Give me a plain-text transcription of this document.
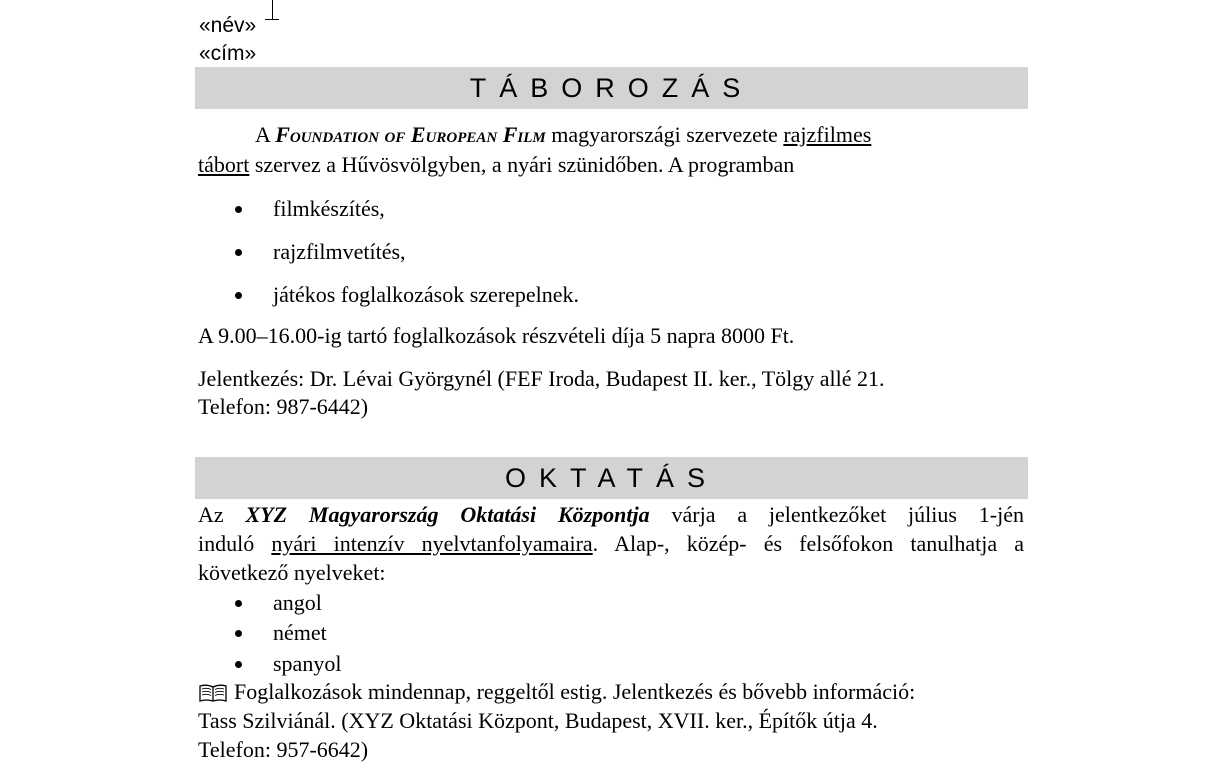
«név»
«cím»
TÁBOROZÁS
A Foundation of European Film magyarországi szervezete rajzfilmes
tábort szervez a Hűvösvölgyben, a nyári szünidőben. A programban
filmkészítés,
rajzfilmvetítés,
játékos foglalkozások szerepelnek.
A 9.00–16.00-ig tartó foglalkozások részvételi díja 5 napra 8000 Ft.
Jelentkezés: Dr. Lévai Györgynél (FEF Iroda, Budapest II. ker., Tölgy allé 21.
Telefon: 987-6442)
OKTATÁS
Az XYZ Magyarország Oktatási Központja várja a jelentkezőket július 1-jén
induló nyári intenzív nyelvtanfolyamaira. Alap-, közép- és felsőfokon tanulhatja a
következő nyelveket:
angol
német
spanyol
Foglalkozások mindennap, reggeltől estig. Jelentkezés és bővebb információ:
Tass Szilviánál. (XYZ Oktatási Központ, Budapest, XVII. ker., Építők útja 4.
Telefon: 957-6642)
